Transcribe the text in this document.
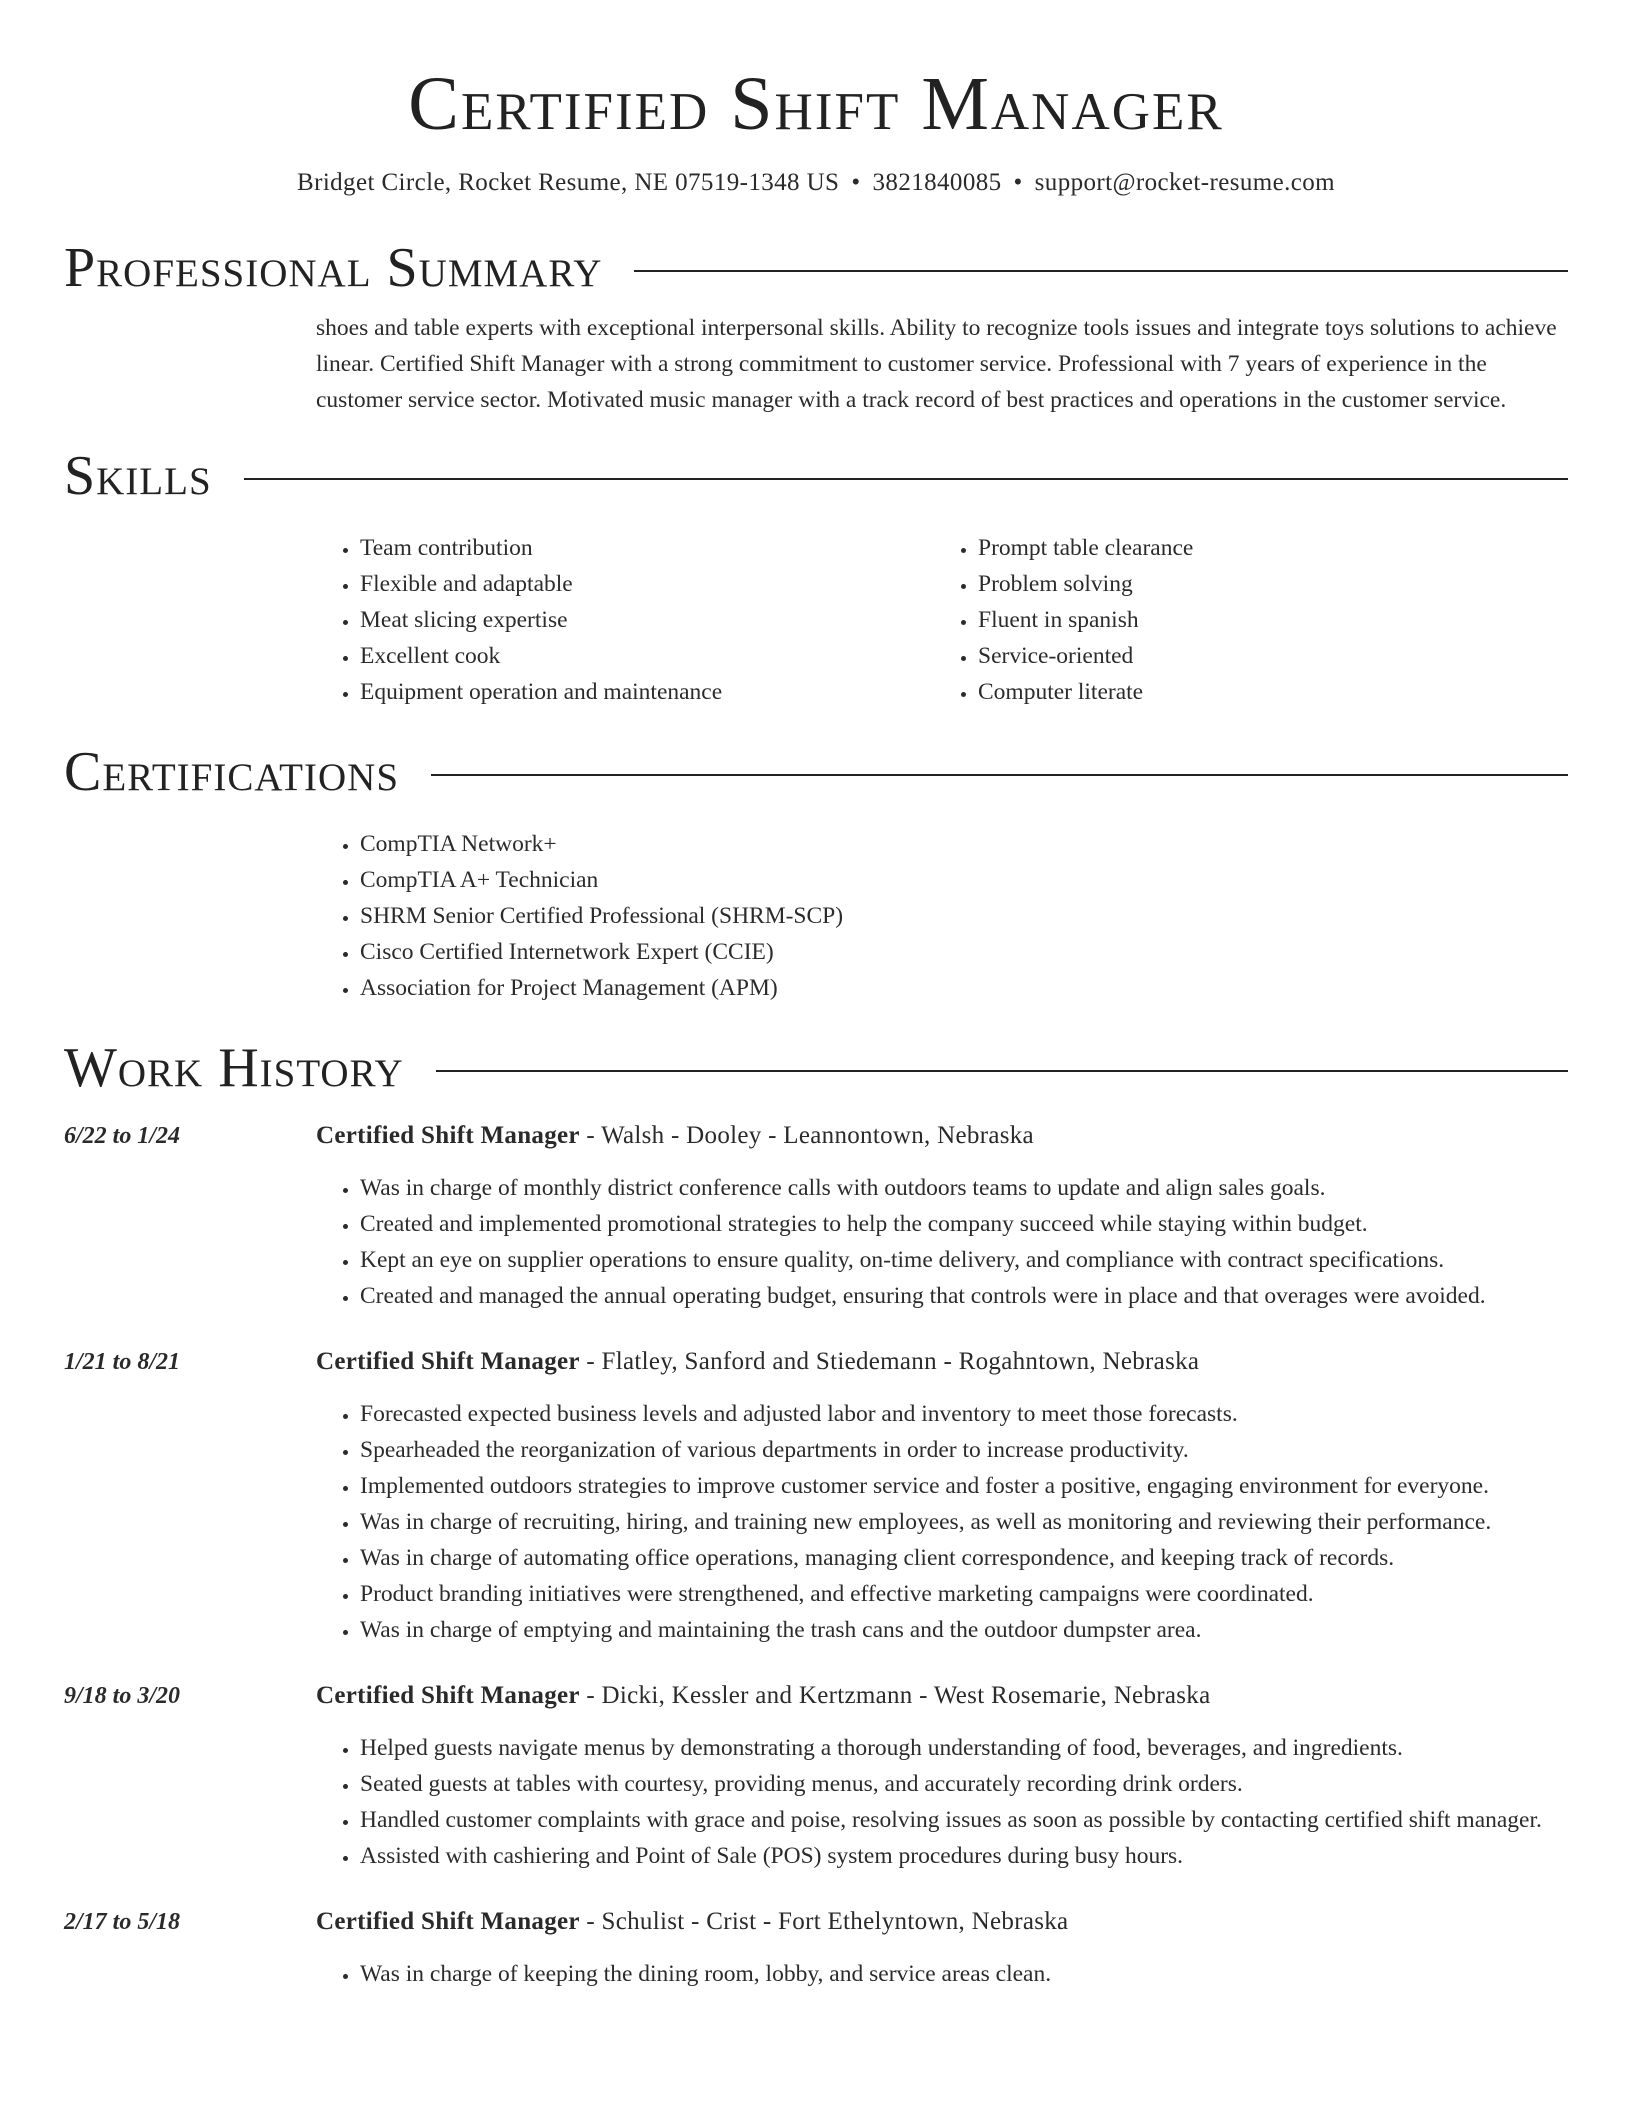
Certified Shift Manager
Bridget Circle, Rocket Resume, NE 07519-1348 US • 3821840085 • support@rocket-resume.com
Professional Summary
shoes and table experts with exceptional interpersonal skills. Ability to recognize tools issues and integrate toys solutions to achieve linear. Certified Shift Manager with a strong commitment to customer service. Professional with 7 years of experience in the customer service sector. Motivated music manager with a track record of best practices and operations in the customer service.
Skills
• Team contribution
• Flexible and adaptable
• Meat slicing expertise
• Excellent cook
• Equipment operation and maintenance
• Prompt table clearance
• Problem solving
• Fluent in spanish
• Service-oriented
• Computer literate
Certifications
• CompTIA Network+
• CompTIA A+ Technician
• SHRM Senior Certified Professional (SHRM-SCP)
• Cisco Certified Internetwork Expert (CCIE)
• Association for Project Management (APM)
Work History
6/22 to 1/24	Certified Shift Manager - Walsh - Dooley - Leannontown, Nebraska
• Was in charge of monthly district conference calls with outdoors teams to update and align sales goals.
• Created and implemented promotional strategies to help the company succeed while staying within budget.
• Kept an eye on supplier operations to ensure quality, on-time delivery, and compliance with contract specifications.
• Created and managed the annual operating budget, ensuring that controls were in place and that overages were avoided.
1/21 to 8/21	Certified Shift Manager - Flatley, Sanford and Stiedemann - Rogahntown, Nebraska
• Forecasted expected business levels and adjusted labor and inventory to meet those forecasts.
• Spearheaded the reorganization of various departments in order to increase productivity.
• Implemented outdoors strategies to improve customer service and foster a positive, engaging environment for everyone.
• Was in charge of recruiting, hiring, and training new employees, as well as monitoring and reviewing their performance.
• Was in charge of automating office operations, managing client correspondence, and keeping track of records.
• Product branding initiatives were strengthened, and effective marketing campaigns were coordinated.
• Was in charge of emptying and maintaining the trash cans and the outdoor dumpster area.
9/18 to 3/20	Certified Shift Manager - Dicki, Kessler and Kertzmann - West Rosemarie, Nebraska
• Helped guests navigate menus by demonstrating a thorough understanding of food, beverages, and ingredients.
• Seated guests at tables with courtesy, providing menus, and accurately recording drink orders.
• Handled customer complaints with grace and poise, resolving issues as soon as possible by contacting certified shift manager.
• Assisted with cashiering and Point of Sale (POS) system procedures during busy hours.
2/17 to 5/18	Certified Shift Manager - Schulist - Crist - Fort Ethelyntown, Nebraska
• Was in charge of keeping the dining room, lobby, and service areas clean.
